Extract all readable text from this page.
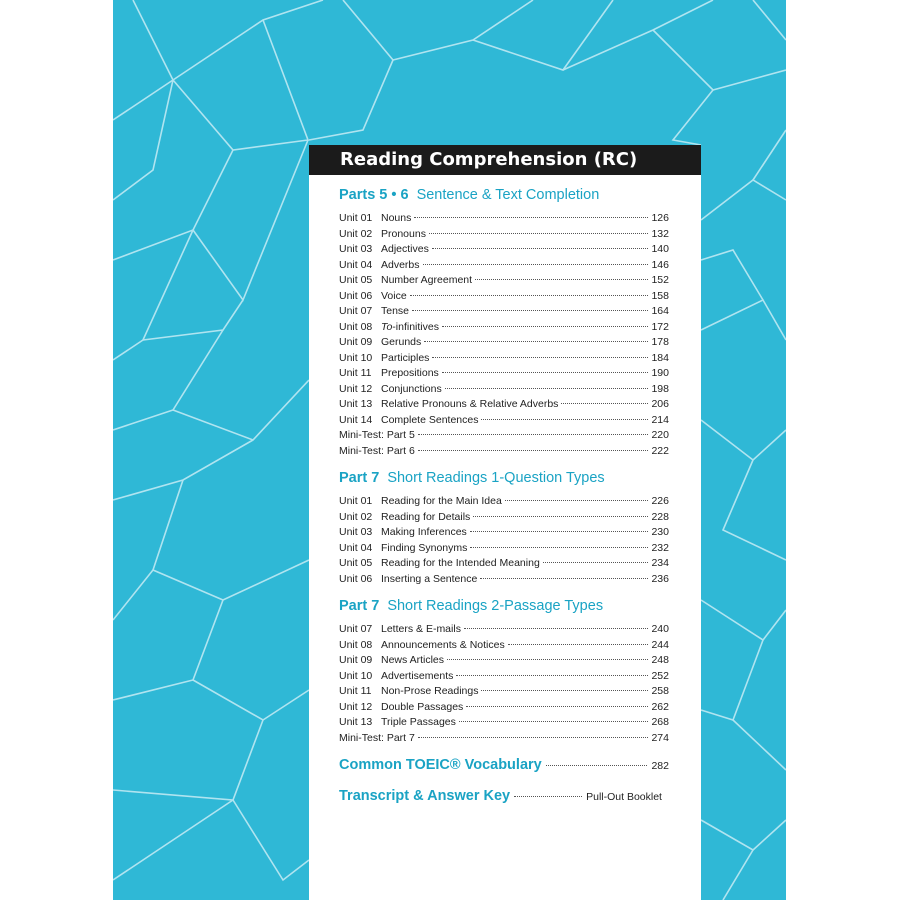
Reading Comprehension (RC)
Parts 5 • 6 Sentence & Text Completion
Unit 01 Nouns	126
Unit 02 Pronouns	132
Unit 03 Adjectives	140
Unit 04 Adverbs	146
Unit 05 Number Agreement	152
Unit 06 Voice	158
Unit 07 Tense	164
Unit 08 To-infinitives	172
Unit 09 Gerunds	178
Unit 10 Participles	184
Unit 11 Prepositions	190
Unit 12 Conjunctions	198
Unit 13 Relative Pronouns & Relative Adverbs	206
Unit 14 Complete Sentences	214
Mini-Test: Part 5	220
Mini-Test: Part 6	222
Part 7 Short Readings 1-Question Types
Unit 01 Reading for the Main Idea	226
Unit 02 Reading for Details	228
Unit 03 Making Inferences	230
Unit 04 Finding Synonyms	232
Unit 05 Reading for the Intended Meaning	234
Unit 06 Inserting a Sentence	236
Part 7 Short Readings 2-Passage Types
Unit 07 Letters & E-mails	240
Unit 08 Announcements & Notices	244
Unit 09 News Articles	248
Unit 10 Advertisements	252
Unit 11 Non-Prose Readings	258
Unit 12 Double Passages	262
Unit 13 Triple Passages	268
Mini-Test: Part 7	274
Common TOEIC® Vocabulary	282
Transcript & Answer Key	Pull-Out Booklet
